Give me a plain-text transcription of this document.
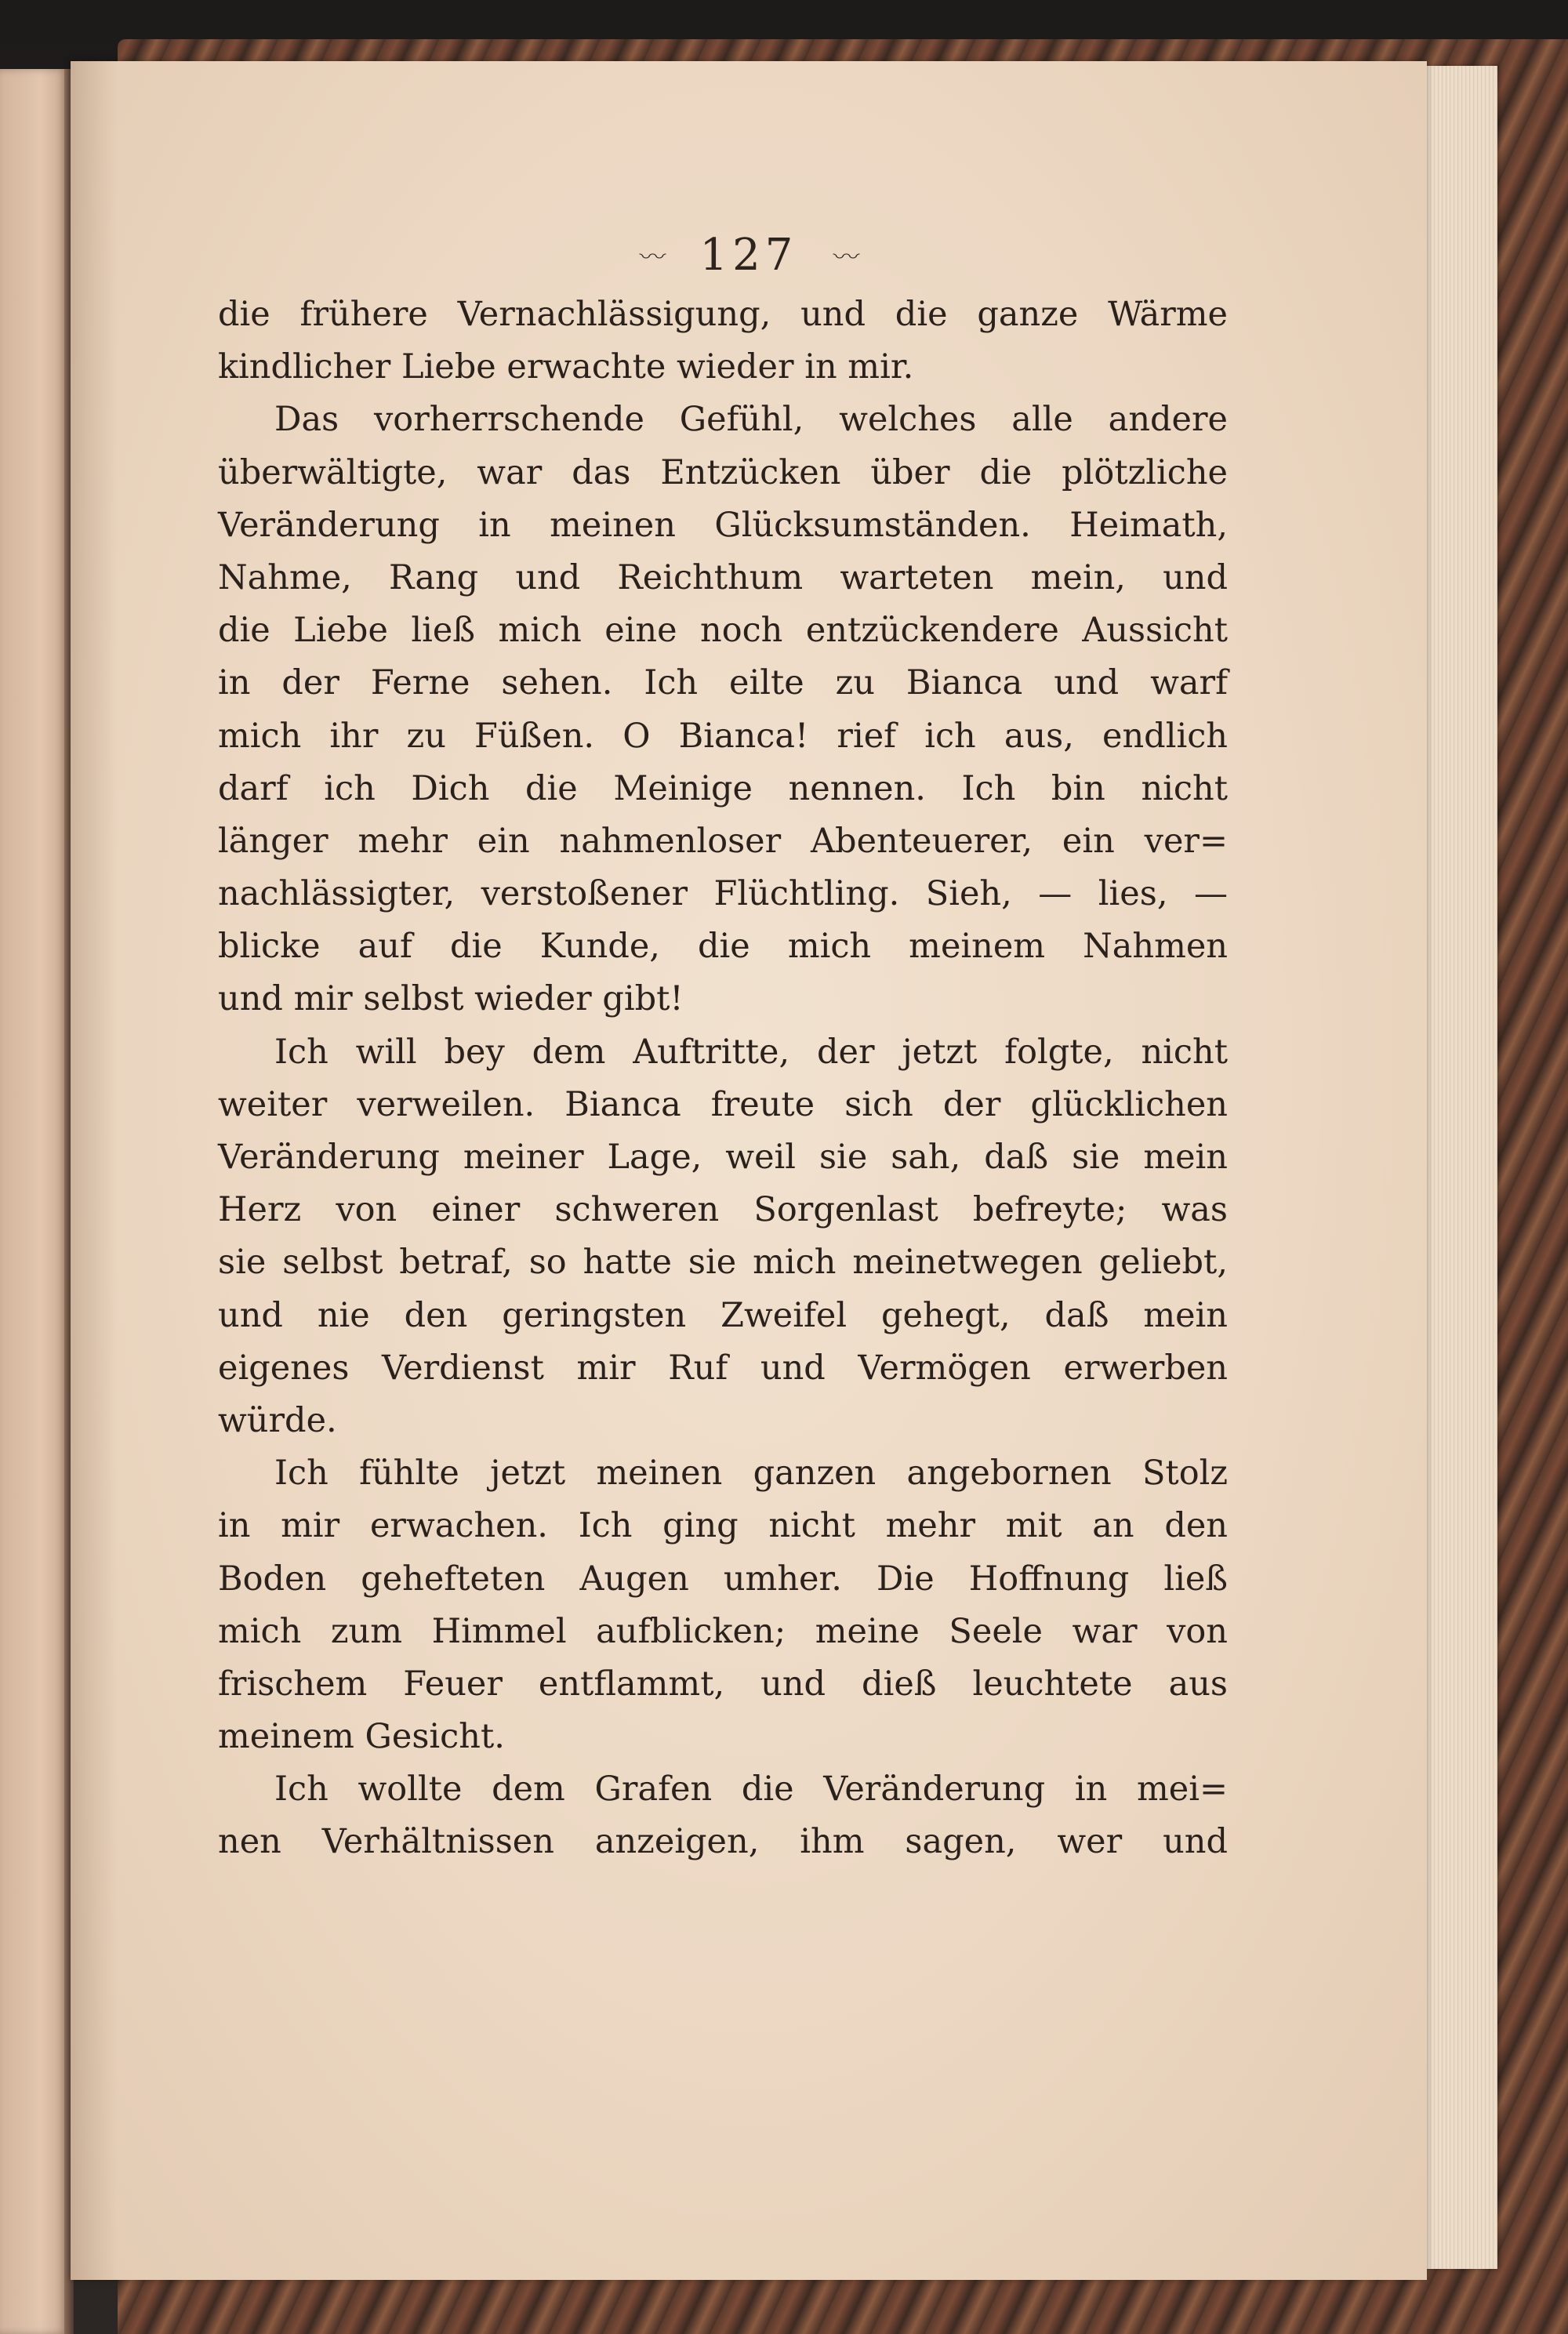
〰 127 〰
die frühere Vernachlässigung, und die ganze Wärme
kindlicher Liebe erwachte wieder in mir.
Das vorherrschende Gefühl, welches alle andere
überwältigte, war das Entzücken über die plötzliche
Veränderung in meinen Glücksumständen. Heimath,
Nahme, Rang und Reichthum warteten mein, und
die Liebe ließ mich eine noch entzückendere Aussicht
in der Ferne sehen. Ich eilte zu Bianca und warf
mich ihr zu Füßen. O Bianca! rief ich aus, endlich
darf ich Dich die Meinige nennen. Ich bin nicht
länger mehr ein nahmenloser Abenteuerer, ein ver=
nachlässigter, verstoßener Flüchtling. Sieh, — lies, —
blicke auf die Kunde, die mich meinem Nahmen
und mir selbst wieder gibt!
Ich will bey dem Auftritte, der jetzt folgte, nicht
weiter verweilen. Bianca freute sich der glücklichen
Veränderung meiner Lage, weil sie sah, daß sie mein
Herz von einer schweren Sorgenlast befreyte; was
sie selbst betraf, so hatte sie mich meinetwegen geliebt,
und nie den geringsten Zweifel gehegt, daß mein
eigenes Verdienst mir Ruf und Vermögen erwerben
würde.
Ich fühlte jetzt meinen ganzen angebornen Stolz
in mir erwachen. Ich ging nicht mehr mit an den
Boden gehefteten Augen umher. Die Hoffnung ließ
mich zum Himmel aufblicken; meine Seele war von
frischem Feuer entflammt, und dieß leuchtete aus
meinem Gesicht.
Ich wollte dem Grafen die Veränderung in mei=
nen Verhältnissen anzeigen, ihm sagen, wer und
